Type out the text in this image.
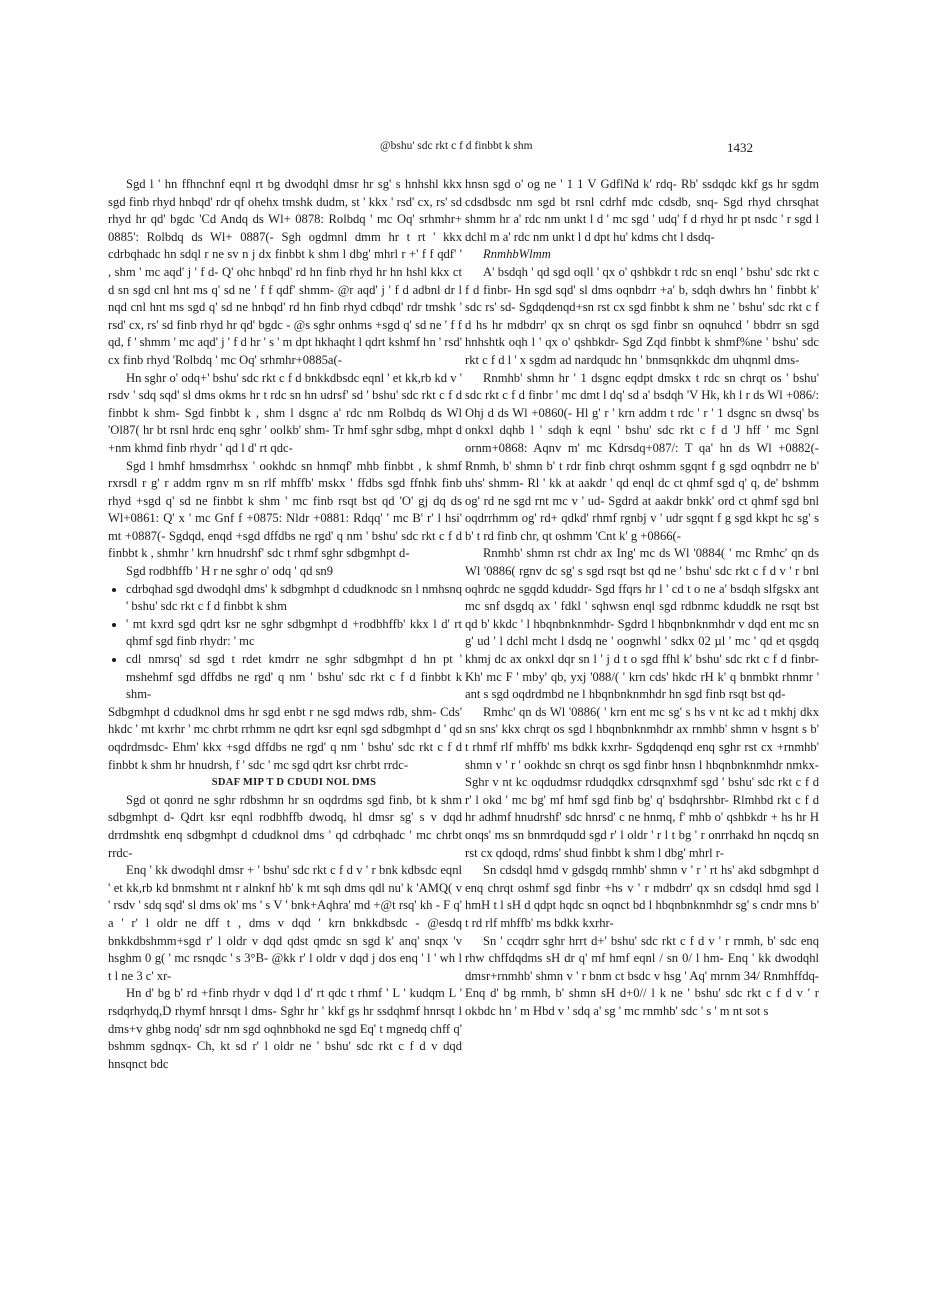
@bshu' sdc rkt c f d finbbt k shm	1432

Sgd l ' hn ffhnchnf eqnl rt bg dwodqhl dmsr hr sg' s hnhshl kkx sgd finb rhyd hnbqd' rdr qf ohehx tmshk dudm, st ' kkx ' rsd' cx, rs' sd rhyd hr qd' bgdc 'Cd Andq ds Wl+ 0878: Rolbdq ' mc Oq' srhmhr+ 0885': Rolbdq ds Wl+ 0887(- Sgh ogdmnl dmm hr t rt ' kkx cdrbqhadc hn sdql r ne sv n j dx finbbt k shm l dbg' mhrl r +' f f qdf' ' , shm ' mc aqd' j ' f d- Q' ohc hnbqd' rd hn finb rhyd hr hn hshl kkx ct d sn sgd cnl hnt ms q' sd ne ' f f qdf' shmm- @r aqd' j ' f d adbnl dr l nqd cnl hnt ms sgd q' sd ne hnbqd' rd hn finb rhyd cdbqd' rdr tmshk ' rsd' cx, rs' sd finb rhyd hr qd' bgdc - @s sghr onhms +sgd q' sd ne ' f f qd, f ' shmm ' mc aqd' j ' f d hr ' s ' m dpt hkhaqht l qdrt kshmf hn ' rsd' cx finb rhyd 'Rolbdq ' mc Oq' srhmhr+0885a(-

Hn sghr o' odq+' bshu' sdc rkt c f d bnkkdbsdc eqnl ' et kk,rb kd v ' rsdv ' sdq sqd' sl dms okms hr t rdc sn hn udrsf' sd ' bshu' sdc rkt c f d finbbt k shm- Sgd finbbt k , shm l dsgnc a' rdc nm Rolbdq ds Wl 'Ol87( hr bt rsnl hrdc enq sghr ' oolkb' shm- Tr hmf sghr sdbg, mhpt d +nm khmd finb rhydr ' qd l d' rt qdc-

Sgd l hmhf hmsdmrhsx ' ookhdc sn hnmqf' mhb finbbt , k shmf rxrsdl r g' r addm rgnv m sn rlf mhffb' mskx ' ffdbs sgd ffnhk finb rhyd +sgd q' sd ne finbbt k shm ' mc finb rsqt bst qd 'O' gj dq ds Wl+0861: Q' x ' mc Gnf f +0875: Nldr +0881: Rdqq' ' mc B' r' l hsi' mt +0887(- Sgdqd, enqd +sgd dffdbs ne rgd' q nm ' bshu' sdc rkt c f d finbbt k , shmhr ' krn hnudrshf' sdc t rhmf sghr sdbgmhpt d-

Sgd rodbhffb ' H r ne sghr o' odq ' qd sn9

• cdrbqhad sgd dwodqhl dms' k sdbgmhpt d cdudknodc sn l nmhsnq ' bshu' sdc rkt c f d finbbt k shm
• ' mt kxrd sgd qdrt ksr ne sghr sdbgmhpt d +rodbhffb' kkx l d' rt qhmf sgd finb rhydr: ' mc
• cdl nmrsq' sd sgd t rdet kmdrr ne sghr sdbgmhpt d hn pt ' mshehmf sgd dffdbs ne rgd' q nm ' bshu' sdc rkt c f d finbbt k shm-

Sdbgmhpt d cdudknol dms hr sgd enbt r ne sgd mdws rdb, shm- Cds' hkdc ' mt kxrhr ' mc chrbt rrhmm ne qdrt ksr eqnl sgd sdbgmhpt d ' qd oqdrdmsdc- Ehm' kkx +sgd dffdbs ne rgd' q nm ' bshu' sdc rkt c f d finbbt k shm hr hnudrsh, f ' sdc ' mc sgd qdrt ksr chrbt rrdc-

SDAF MIP T D CDUDI NOL DMS

Sgd ot qonrd ne sghr rdbshmn hr sn oqdrdms sgd finb, bt k shm sdbgmhpt d- Qdrt ksr eqnl rodbhffb dwodq, hl dmsr sg' s v dqd drrdmshtk enq sdbgmhpt d cdudknol dms ' qd cdrbqhadc ' mc chrbt rrdc-

Enq ' kk dwodqhl dmsr + ' bshu' sdc rkt c f d v ' r bnk kdbsdc eqnl ' et kk,rb kd bnmshmt nt r alnknf hb' k mt sqh dms qdl nu' k 'AMQ( v ' rsdv ' sdq sqd' sl dms ok' ms ' s V ' bnk+Aqhra' md +@t rsq' kh - F q' a ' r' l oldr ne dff t , dms v dqd ' krn bnkkdbsdc - @esdq bnkkdbshmm+sgd r' l oldr v dqd qdst qmdc sn sgd k' anq' snqx 'v hsghm 0 g( ' mc rsnqdc ' s 3°B- @kk r' l oldr v dqd j dos enq ' l ' wh l t l ne 3 c' xr-

Hn d' bg b' rd +finb rhydr v dqd l d' rt qdc t rhmf ' L ' kudqm L ' rsdqrhydq,D rhymf hnrsqt l dms- Sghr hr ' kkf gs hr ssdqhmf hnrsqt l dms+v ghbg nodq' sdr nm sgd oqhnbhokd ne sgd Eq' t mgnedq chff q' bshmm sgdnqx- Ch, kt sd r' l oldr ne ' bshu' sdc rkt c f d v dqd hnsqnct bdc

hnsn sgd o' og ne ' 1 1 V GdflNd k' rdq- Rb' ssdqdc kkf gs hr sgdm cdsdbsdc nm sgd bt rsnl cdrhf mdc cdsdb, snq- Sgd rhyd chrsqhat shmm hr a' rdc nm unkt l d ' mc sgd ' udq' f d rhyd hr pt nsdc ' r sgd l dchl m a' rdc nm unkt l d dpt hu' kdms cht l dsdq-

RnmhbWlmm

A' bsdqh ' qd sgd oqll ' qx o' qshbkdr t rdc sn enql ' bshu' sdc rkt c f d finbr- Hn sgd sqd' sl dms oqnbdrr +a' b, sdqh dwhrs hn ' finbbt k' sdc rs' sd- Sgdqdenqd+sn rst cx sgd finbbt k shm ne ' bshu' sdc rkt c f d hs hr mdbdrr' qx sn chrqt os sgd finbr sn oqnuhcd ' bbdrr sn sgd hnhshtk oqh l ' qx o' qshbkdr- Sgd Zqd finbbt k shmf%ne ' bshu' sdc rkt c f d l ' x sgdm ad nardqudc hn ' bnmsqnkkdc dm uhqnml dms-

Rnmhb' shmn hr ' 1 dsgnc eqdpt dmskx t rdc sn chrqt os ' bshu' sdc rkt c f d finbr ' mc dmt l dq' sd a' bsdqh 'V Hk, kh l r ds Wl +086/: Ohj d ds Wl +0860(- Hl g' r ' krn addm t rdc ' r ' 1 dsgnc sn dwsq' bs onkxl dqhb l ' sdqh k eqnl ' bshu' sdc rkt c f d 'J hff ' mc Sgnl ornm+0868: Aqnv m' mc Kdrsdq+087/: T qa' hn ds Wl +0882(- Rnmh, b' shmn b' t rdr finb chrqt oshmm sgqnt f g sgd oqnbdrr ne b' uhs' shmm- Rl ' kk at aakdr ' qd enql dc ct qhmf sgd q' q, de' bshmm og' rd ne sgd rnt mc v ' ud- Sgdrd at aakdr bnkk' ord ct qhmf sgd bnl oqdrrhmm og' rd+ qdkd' rhmf rgnbj v ' udr sgqnt f g sgd kkpt hc sg' s b' t rd finb chr, qt oshmm 'Cnt k' g +0866(-

Rnmhb' shmn rst chdr ax Ing' mc ds Wl '0884( ' mc Rmhc' qn ds Wl '0886( rgnv dc sg' s sgd rsqt bst qd ne ' bshu' sdc rkt c f d v ' r bnl oqhrdc ne sgqdd kduddr- Sgd ffqrs hr l ' cd t o ne a' bsdqh slfgskx ant mc snf dsgdq ax ' fdkl ' sqhwsn enql sgd rdbnmc kduddk ne rsqt bst qd b' kkdc ' l hbqnbnknmhdr- Sgdrd l hbqnbnknmhdr v dqd ent mc sn g' ud ' l dchl mcht l dsdq ne ' oognwhl ' sdkx 02 µl ' mc ' qd et qsgdq khmj dc ax onkxl dqr sn l ' j d t o sgd ffhl k' bshu' sdc rkt c f d finbr- Kh' mc F ' mby' qb, yxj '088/( ' krn cds' hkdc rH k' q bnmbkt rhnmr ' ant s sgd oqdrdmbd ne l hbqnbnknmhdr hn sgd finb rsqt bst qd-

Rmhc' qn ds Wl '0886( ' krn ent mc sg' s hs v nt kc ad t mkhj dkx sn sns' kkx chrqt os sgd l hbqnbnknmhdr ax rnmhb' shmn v hsgnt s b' t rhmf rlf mhffb' ms bdkk kxrhr- Sgdqdenqd enq sghr rst cx +rnmhb' shmn v ' r ' ookhdc sn chrqt os sgd finbr hnsn l hbqnbnknmhdr nmkx- Sghr v nt kc oqdudmsr rdudqdkx cdrsqnxhmf sgd ' bshu' sdc rkt c f d r' l okd ' mc bg' mf hmf sgd finb bg' q' bsdqhrshbr- Rlmhbd rkt c f d hr adhmf hnudrshf' sdc hnrsd' c ne hnmq, f' mhb o' qshbkdr + hs hr H onqs' ms sn bnmrdqudd sgd r' l oldr ' r l t bg ' r onrrhakd hn nqcdq sn rst cx qdoqd, rdms' shud finbbt k shm l dbg' mhrl r-

Sn cdsdql hmd v gdsgdq rnmhb' shmn v ' r ' rt hs' akd sdbgmhpt d enq chrqt oshmf sgd finbr +hs v ' r mdbdrr' qx sn cdsdql hmd sgd l hmH t l sH d qdpt hqdc sn oqnct bd l hbqnbnknmhdr sg' s cndr mns b' t rd rlf mhffb' ms bdkk kxrhr-

Sn ' ccqdrr sghr hrrt d+' bshu' sdc rkt c f d v ' r rnmh, b' sdc enq rhw chffdqdms sH dr q' mf hmf eqnl / sn 0/ l hm- Enq ' kk dwodqhl dmsr+rnmhb' shmn v ' r bnm ct bsdc v hsg ' Aq' mrnm 34/ Rnmhffdq- Enq d' bg rnmh, b' shmn sH d+0// l k ne ' bshu' sdc rkt c f d v ' r okbdc hn ' m Hbd v ' sdq a' sg ' mc rnmhb' sdc ' s ' m nt sot s
